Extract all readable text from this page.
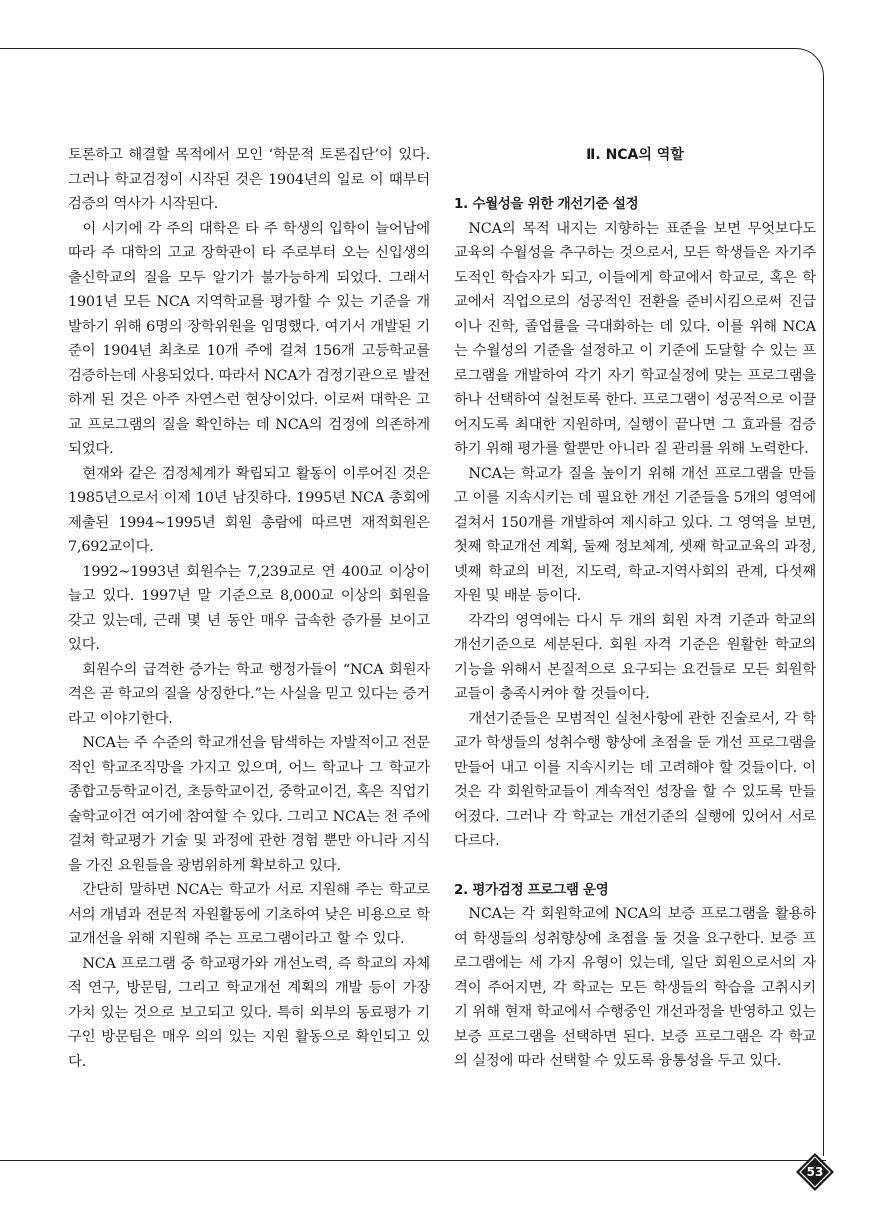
토론하고 해결할 목적에서 모인 ‘학문적 토론집단’이 있다. 그러나 학교검정이 시작된 것은 1904년의 일로 이 때부터 검증의 역사가 시작된다.

이 시기에 각 주의 대학은 타 주 학생의 입학이 늘어남에 따라 주 대학의 고교 장학관이 타 주로부터 오는 신입생의 출신학교의 질을 모두 알기가 불가능하게 되었다. 그래서 1901년 모든 NCA 지역학교를 평가할 수 있는 기준을 개발하기 위해 6명의 장학위원을 임명했다. 여기서 개발된 기준이 1904년 최초로 10개 주에 걸쳐 156개 고등학교를 검증하는데 사용되었다. 따라서 NCA가 검정기관으로 발전하게 된 것은 아주 자연스런 현상이었다. 이로써 대학은 고교 프로그램의 질을 확인하는 데 NCA의 검정에 의존하게 되었다.

현재와 같은 검정체계가 확립되고 활동이 이루어진 것은 1985년으로서 이제 10년 남짓하다. 1995년 NCA 총회에 제출된 1994~1995년 회원 총람에 따르면 재적회원은 7,692교이다.

1992~1993년 회원수는 7,239교로 연 400교 이상이 늘고 있다. 1997년 말 기준으로 8,000교 이상의 회원을 갖고 있는데, 근래 몇 년 동안 매우 급속한 증가를 보이고 있다.

회원수의 급격한 증가는 학교 행정가들이 “NCA 회원자격은 곧 학교의 질을 상징한다.”는 사실을 믿고 있다는 증거라고 이야기한다.

NCA는 주 수준의 학교개선을 탐색하는 자발적이고 전문적인 학교조직망을 가지고 있으며, 어느 학교나 그 학교가 종합고등학교이건, 초등학교이건, 중학교이건, 혹은 직업기술학교이건 여기에 참여할 수 있다. 그리고 NCA는 전 주에 걸쳐 학교평가 기술 및 과정에 관한 경험 뿐만 아니라 지식을 가진 요원들을 광범위하게 확보하고 있다.

간단히 말하면 NCA는 학교가 서로 지원해 주는 학교로서의 개념과 전문적 자원활동에 기초하여 낮은 비용으로 학교개선을 위해 지원해 주는 프로그램이라고 할 수 있다.

NCA 프로그램 중 학교평가와 개선노력, 즉 학교의 자체적 연구, 방문팀, 그리고 학교개선 계획의 개발 등이 가장 가치 있는 것으로 보고되고 있다. 특히 외부의 동료평가 기구인 방문팀은 매우 의의 있는 지원 활동으로 확인되고 있다.

Ⅱ. NCA의 역할
1. 수월성을 위한 개선기준 설정

NCA의 목적 내지는 지향하는 표준을 보면 무엇보다도 교육의 수월성을 추구하는 것으로서, 모든 학생들은 자기주도적인 학습자가 되고, 이들에게 학교에서 학교로, 혹은 학교에서 직업으로의 성공적인 전환을 준비시킴으로써 진급이나 진학, 졸업률을 극대화하는 데 있다. 이를 위해 NCA는 수월성의 기준을 설정하고 이 기준에 도달할 수 있는 프로그램을 개발하여 각기 자기 학교실정에 맞는 프로그램을 하나 선택하여 실천토록 한다. 프로그램이 성공적으로 이끌어지도록 최대한 지원하며, 실행이 끝나면 그 효과를 검증하기 위해 평가를 할뿐만 아니라 질 관리를 위해 노력한다.

NCA는 학교가 질을 높이기 위해 개선 프로그램을 만들고 이를 지속시키는 데 필요한 개선 기준들을 5개의 영역에 걸쳐서 150개를 개발하여 제시하고 있다. 그 영역을 보면, 첫째 학교개선 계획, 둘째 정보체계, 셋째 학교교육의 과정, 넷째 학교의 비전, 지도력, 학교-지역사회의 관계, 다섯째 자원 및 배분 등이다.

각각의 영역에는 다시 두 개의 회원 자격 기준과 학교의 개선기준으로 세분된다. 회원 자격 기준은 원활한 학교의 기능을 위해서 본질적으로 요구되는 요건들로 모든 회원학교들이 충족시켜야 할 것들이다.

개선기준들은 모범적인 실천사항에 관한 진술로서, 각 학교가 학생들의 성취수행 향상에 초점을 둔 개선 프로그램을 만들어 내고 이를 지속시키는 데 고려해야 할 것들이다. 이것은 각 회원학교들이 계속적인 성장을 할 수 있도록 만들어졌다. 그러나 각 학교는 개선기준의 실행에 있어서 서로 다르다.

2. 평가검정 프로그램 운영

NCA는 각 회원학교에 NCA의 보증 프로그램을 활용하여 학생들의 성취향상에 초점을 둘 것을 요구한다. 보증 프로그램에는 세 가지 유형이 있는데, 일단 회원으로서의 자격이 주어지면, 각 학교는 모든 학생들의 학습을 고취시키기 위해 현재 학교에서 수행중인 개선과정을 반영하고 있는 보증 프로그램을 선택하면 된다. 보증 프로그램은 각 학교의 실정에 따라 선택할 수 있도록 융통성을 두고 있다.

53
